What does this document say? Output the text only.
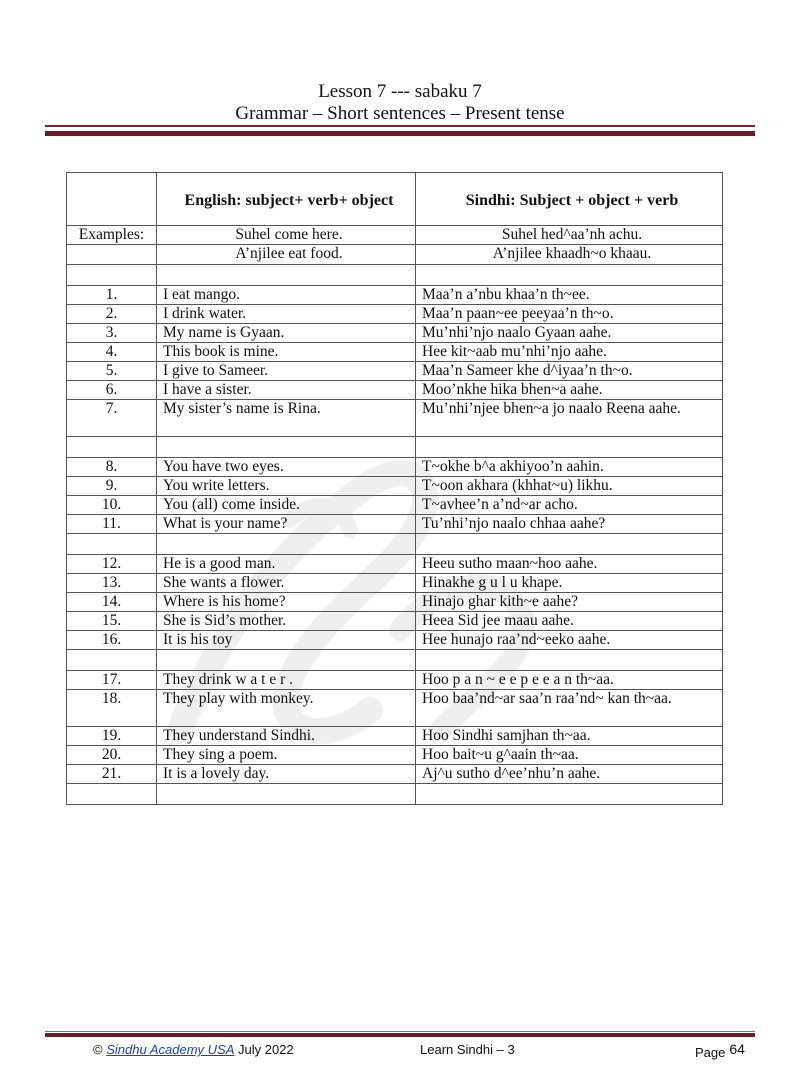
Lesson 7 --- sabaku 7
Grammar – Short sentences – Present tense
	English: subject+ verb+ object	Sindhi: Subject + object + verb
Examples:	Suhel come here.	Suhel hed^aa’nh achu.
	A’njilee eat food.	A’njilee khaadh~o khaau.

1.	I eat mango.	Maa’n a’nbu khaa’n th~ee.
2.	I drink water.	Maa’n paan~ee peeyaa’n th~o.
3.	My name is Gyaan.	Mu’nhi’njo naalo Gyaan aahe.
4.	This book is mine.	Hee kit~aab mu’nhi’njo aahe.
5.	I give to Sameer.	Maa’n Sameer khe d^iyaa’n th~o.
6.	I have a sister.	Moo’nkhe hika bhen~a aahe.
7.	My sister’s name is Rina.	Mu’nhi’njee bhen~a jo naalo Reena aahe.

8.	You have two eyes.	T~okhe b^a akhiyoo’n aahin.
9.	You write letters.	T~oon akhara (khhat~u) likhu.
10.	You (all) come inside.	T~avhee’n a’nd~ar acho.
11.	What is your name?	Tu’nhi’njo naalo chhaa aahe?

12.	He is a good man.	Heeu sutho maan~hoo aahe.
13.	She wants a flower.	Hinakhe g u l u khape.
14.	Where is his home?	Hinajo ghar kith~e aahe?
15.	She is Sid’s mother.	Heea Sid jee maau aahe.
16.	It is his toy	Hee hunajo raa’nd~eeko aahe.

17.	They drink w a t e r .	Hoo p a n ~ e e p e e a n th~aa.
18.	They play with monkey.	Hoo baa’nd~ar saa’n raa’nd~ kan th~aa.
19.	They understand Sindhi.	Hoo Sindhi samjhan th~aa.
20.	They sing a poem.	Hoo bait~u g^aain th~aa.
21.	It is a lovely day.	Aj^u sutho d^ee’nhu’n aahe.

© Sindhu Academy USA July 2022	Learn Sindhi – 3	Page 64
